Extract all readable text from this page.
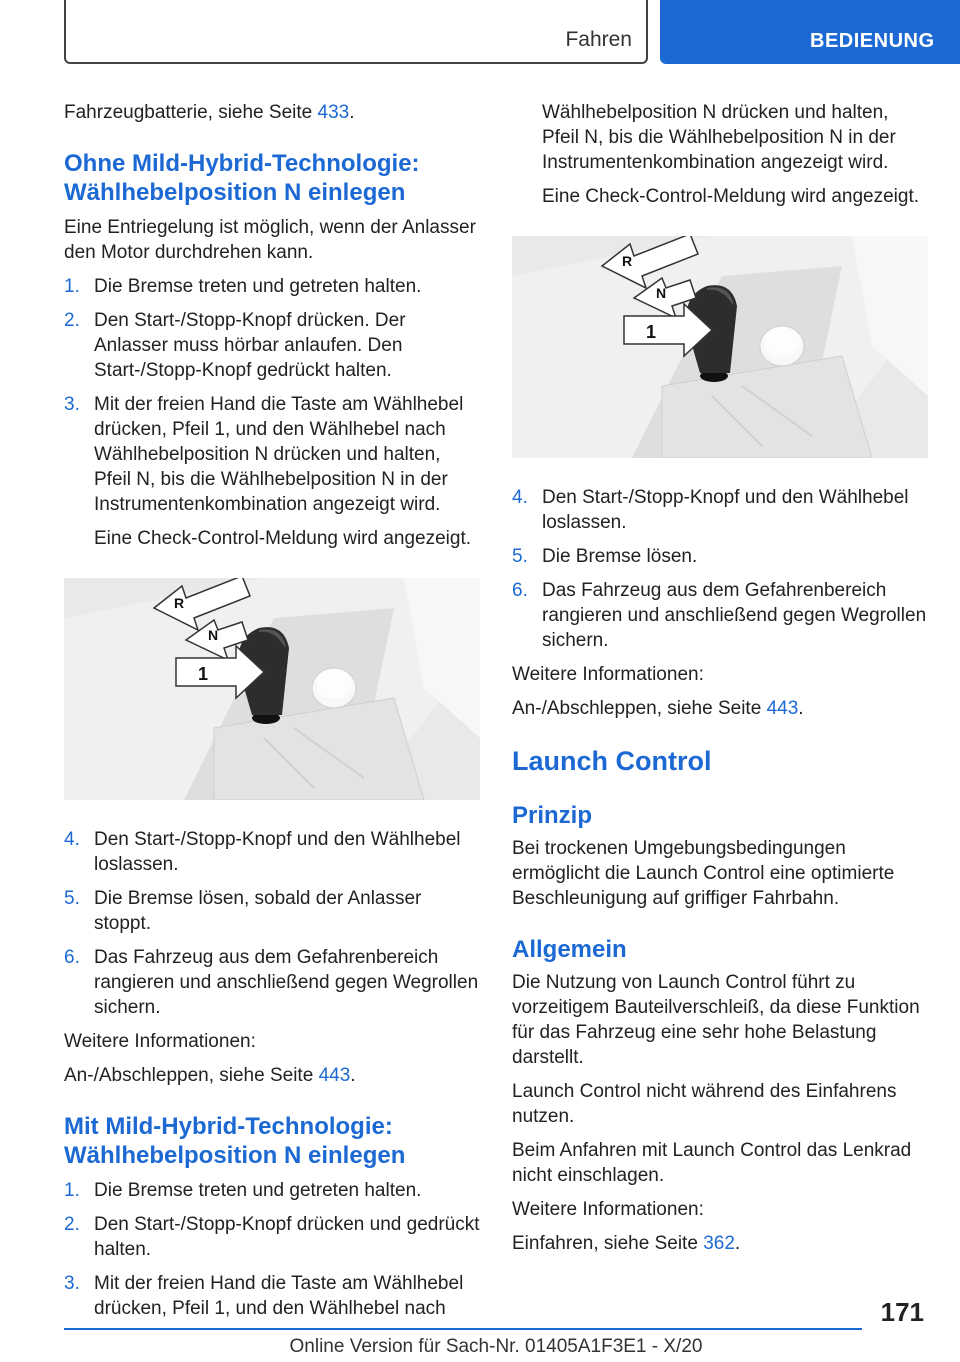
Fahren	BEDIENUNG

Fahrzeugbatterie, siehe Seite 433.

Ohne Mild-Hybrid-Technologie: Wählhebelposition N einlegen

Eine Entriegelung ist möglich, wenn der Anlasser den Motor durchdrehen kann.

1. Die Bremse treten und getreten halten.
2. Den Start-/Stopp-Knopf drücken. Der Anlasser muss hörbar anlaufen. Den Start-/Stopp-Knopf gedrückt halten.
3. Mit der freien Hand die Taste am Wählhebel drücken, Pfeil 1, und den Wählhebel nach Wählhebelposition N drücken und halten, Pfeil N, bis die Wählhebelposition N in der Instrumentenkombination angezeigt wird.
Eine Check-Control-Meldung wird angezeigt.
R
N
1
4. Den Start-/Stopp-Knopf und den Wählhebel loslassen.
5. Die Bremse lösen, sobald der Anlasser stoppt.
6. Das Fahrzeug aus dem Gefahrenbereich rangieren und anschließend gegen Wegrollen sichern.

Weitere Informationen:

An-/Abschleppen, siehe Seite 443.

Mit Mild-Hybrid-Technologie: Wählhebelposition N einlegen
1. Die Bremse treten und getreten halten.
2. Den Start-/Stopp-Knopf drücken und gedrückt halten.
3. Mit der freien Hand die Taste am Wählhebel drücken, Pfeil 1, und den Wählhebel nach

Wählhebelposition N drücken und halten, Pfeil N, bis die Wählhebelposition N in der Instrumentenkombination angezeigt wird.

Eine Check-Control-Meldung wird angezeigt.

R
N
1
4. Den Start-/Stopp-Knopf und den Wählhebel loslassen.
5. Die Bremse lösen.
6. Das Fahrzeug aus dem Gefahrenbereich rangieren und anschließend gegen Wegrollen sichern.

Weitere Informationen:

An-/Abschleppen, siehe Seite 443.

Launch Control
Prinzip

Bei trockenen Umgebungsbedingungen ermöglicht die Launch Control eine optimierte Beschleunigung auf griffiger Fahrbahn.

Allgemein

Die Nutzung von Launch Control führt zu vorzeitigem Bauteilverschleiß, da diese Funktion für das Fahrzeug eine sehr hohe Belastung darstellt.

Launch Control nicht während des Einfahrens nutzen.

Beim Anfahren mit Launch Control das Lenkrad nicht einschlagen.

Weitere Informationen:

Einfahren, siehe Seite 362.

171
Online Version für Sach-Nr. 01405A1F3E1 - X/20
